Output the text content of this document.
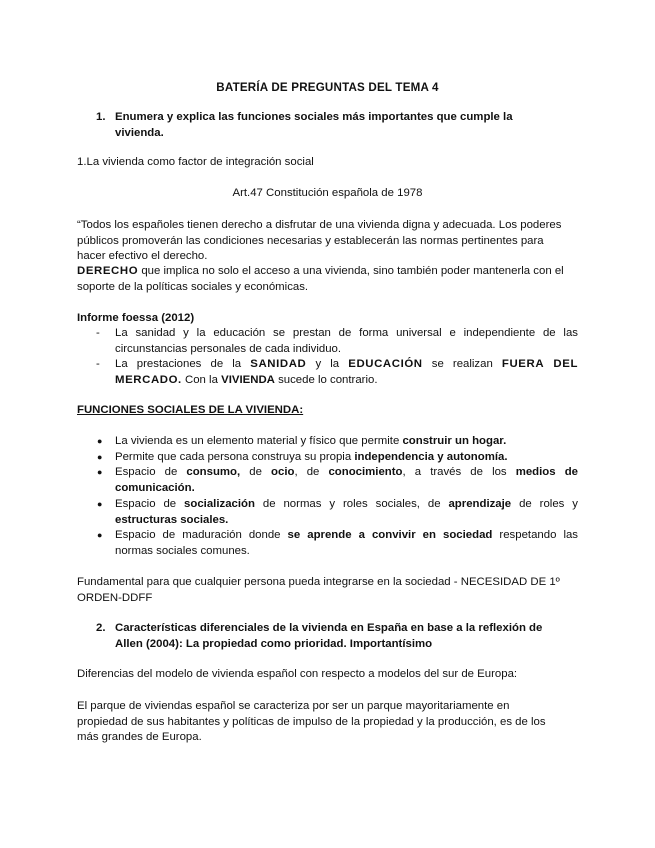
BATERÍA DE PREGUNTAS DEL TEMA 4
1. Enumera y explica las funciones sociales más importantes que cumple la
vivienda.

1.La vivienda como factor de integración social

Art.47 Constitución española de 1978

“Todos los españoles tienen derecho a disfrutar de una vivienda digna y adecuada. Los poderes
públicos promoverán las condiciones necesarias y establecerán las normas pertinentes para
hacer efectivo el derecho.
DERECHO que implica no solo el acceso a una vivienda, sino también poder mantenerla con el
soporte de la políticas sociales y económicas.
Informe foessa (2012)
- La sanidad y la educación se prestan de forma universal e independiente de las
circunstancias personales de cada individuo.
- La prestaciones de la SANIDAD y la EDUCACIÓN se realizan FUERA DEL
MERCADO. Con la VIVIENDA sucede lo contrario.
FUNCIONES SOCIALES DE LA VIVIENDA:
● La vivienda es un elemento material y físico que permite construir un hogar.
● Permite que cada persona construya su propia independencia y autonomía.
● Espacio de consumo, de ocio, de conocimiento, a través de los medios de
comunicación.
● Espacio de socialización de normas y roles sociales, de aprendizaje de roles y
estructuras sociales.
● Espacio de maduración donde se aprende a convivir en sociedad respetando las
normas sociales comunes.
Fundamental para que cualquier persona pueda integrarse en la sociedad - NECESIDAD DE 1º
ORDEN-DDFF
2. Características diferenciales de la vivienda en España en base a la reflexión de
Allen (2004): La propiedad como prioridad. Importantísimo

Diferencias del modelo de vivienda español con respecto a modelos del sur de Europa:

El parque de viviendas español se caracteriza por ser un parque mayoritariamente en
propiedad de sus habitantes y políticas de impulso de la propiedad y la producción, es de los
más grandes de Europa.
